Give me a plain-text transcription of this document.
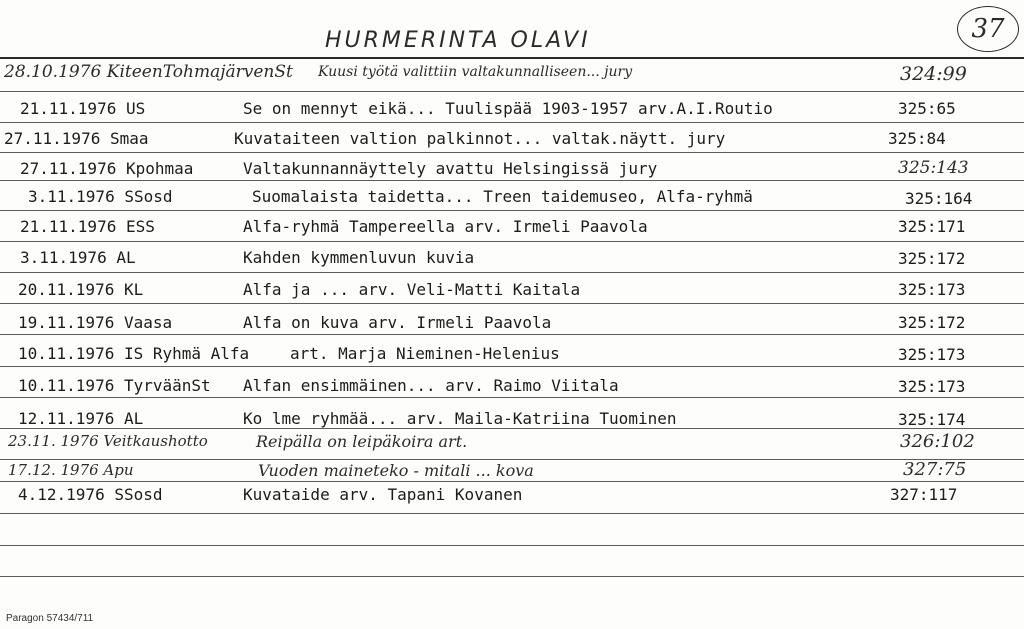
HURMERINTA OLAVI	37
28.10.1976 KiteenTohmajärvenSt Kuusi työtä valittiin valtakunnalliseen... jury	324:99
21.11.1976 US	Se on mennyt eikä... Tuulispää 1903-1957 arv.A.I.Routio	325:65
27.11.1976 Smaa	Kuvataiteen valtion palkinnot... valtak.näytt. jury	325:84
27.11.1976 Kpohmaa	Valtakunnannäyttely avattu Helsingissä jury	325:143
3.11.1976 SSosd	Suomalaista taidetta... Treen taidemuseo, Alfa-ryhmä	325:164
21.11.1976 ESS	Alfa-ryhmä Tampereella arv. Irmeli Paavola	325:171
3.11.1976 AL	Kahden kymmenluvun kuvia	325:172
20.11.1976 KL	Alfa ja ... arv. Veli-Matti Kaitala	325:173
19.11.1976 Vaasa	Alfa on kuva arv. Irmeli Paavola	325:172
10.11.1976 IS Ryhmä Alfa	art. Marja Nieminen-Helenius	325:173
10.11.1976 TyrväänSt Alfan ensimmäinen... arv. Raimo Viitala	325:173
12.11.1976 AL	Ko lme ryhmää... arv. Maila-Katriina Tuominen	325:174
23.11. 1976 Veitkaushotto	Reipälla on leipäkoira art.	326:102
17.12. 1976 Apu	Vuoden maineteko - mitali ... kova	327:75
4.12.1976 SSosd	Kuvataide arv. Tapani Kovanen	327:117
Paragon 57434/711
